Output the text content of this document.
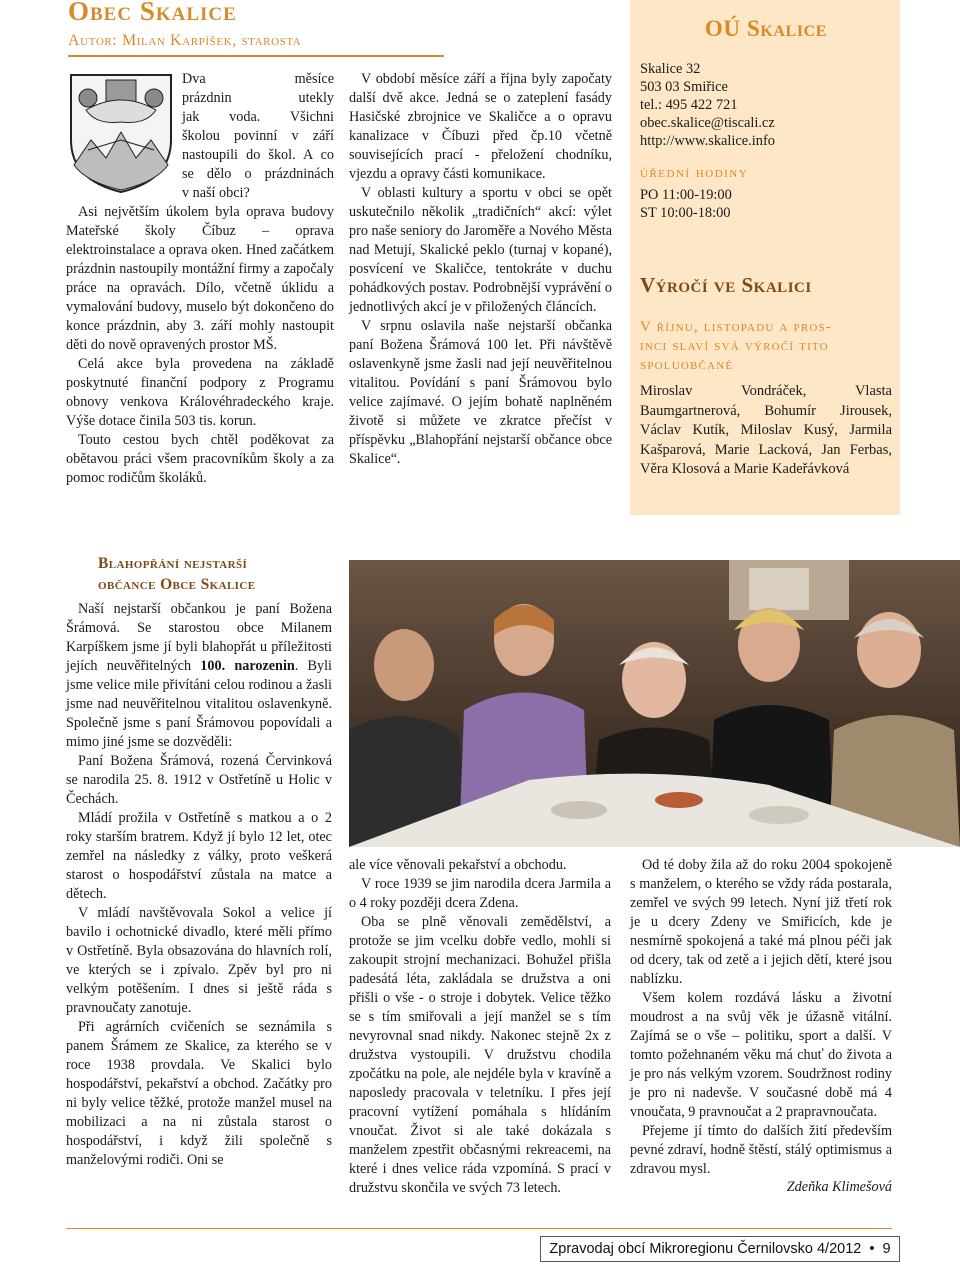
Obec Skalice
Autor: Milan Karpíšek, starosta
Dva měsíce
prázdnin utekly
jak voda. Všichni
školou povinní v září
nastoupili do škol. A co
se dělo o prázdninách
v naší obci?

Asi největším úkolem byla oprava budovy Mateřské školy Číbuz – oprava elektroinstalace a oprava oken. Hned začátkem prázdnin nastoupily montážní firmy a započaly práce na opravách. Dílo, včetně úklidu a vymalování budovy, muselo být dokončeno do konce prázdnin, aby 3. září mohly nastoupit děti do nově opravených prostor MŠ.

Celá akce byla provedena na základě poskytnuté finanční podpory z Programu obnovy venkova Královéhradeckého kraje. Výše dotace činila 503 tis. korun.

Touto cestou bych chtěl poděkovat za obětavou práci všem pracovníkům školy a za pomoc rodičům školáků.

V období měsíce září a října byly započaty další dvě akce. Jedná se o zateplení fasády Hasičské zbrojnice ve Skaličce a o opravu kanalizace v Číbuzi před čp.10 včetně souvisejících prací - přeložení chodníku, vjezdu a opravy části komunikace.

V oblasti kultury a sportu v obci se opět uskutečnilo několik „tradičních“ akcí: výlet pro naše seniory do Jaroměře a Nového Města nad Metují, Skalické peklo (turnaj v kopané), posvícení ve Skaličce, tentokráte v duchu pohádkových postav. Podrobnější vyprávění o jednotlivých akcí je v přiložených článcích.

V srpnu oslavila naše nejstarší občanka paní Božena Šrámová 100 let. Při návštěvě oslavenkyně jsme žasli nad její neuvěřitelnou vitalitou. Povídání s paní Šrámovou bylo velice zajímavé. O jejím bohatě naplněném životě si můžete ve zkratce přečíst v příspěvku „Blahopřání nejstarší občance obce Skalice“.

OÚ Skalice
Skalice 32
503 03 Smiřice
tel.: 495 422 721
obec.skalice@tiscali.cz
http://www.skalice.info
úřední hodiny
PO 11:00-19:00
ST 10:00-18:00
Výročí ve Skalici
V říjnu, listopadu a pros-
inci slaví svá výročí tito
spoluobčané
Miroslav Vondráček, Vlasta Baumgartnerová, Bohumír Jirousek, Václav Kutík, Miloslav Kusý, Jarmila Kašparová, Marie Lacková, Jan Ferbas, Věra Klosová a Marie Kadeřávková
Blahopřání nejstarší
občance Obce Skalice

Naší nejstarší občankou je paní Božena Šrámová. Se starostou obce Milanem Karpíškem jsme jí byli blahopřát u příležitosti jejích neuvěřitelných 100. narozenin. Byli jsme velice mile přivítáni celou rodinou a žasli jsme nad neuvěřitelnou vitalitou oslavenkyně. Společně jsme s paní Šrámovou popovídali a mimo jiné jsme se dozvěděli:

Paní Božena Šrámová, rozená Červinková se narodila 25. 8. 1912 v Ostřetíně u Holic v Čechách.

Mládí prožila v Ostřetíně s matkou a o 2 roky starším bratrem. Když jí bylo 12 let, otec zemřel na následky z války, proto veškerá starost o hospodářství zůstala na matce a dětech.

V mládí navštěvovala Sokol a velice jí bavilo i ochotnické divadlo, které měli přímo v Ostřetíně. Byla obsazována do hlavních rolí, ve kterých se i zpívalo. Zpěv byl pro ni velkým potěšením. I dnes si ještě ráda s pravnoučaty zanotuje.

Při agrárních cvičeních se seznámila s panem Šrámem ze Skalice, za kterého se v roce 1938 provdala. Ve Skalici bylo hospodářství, pekařství a obchod. Začátky pro ni byly velice těžké, protože manžel musel na mobilizaci a na ni zůstala starost o hospodářství, i když žili společně s manželovými rodiči. Oni se

ale více věnovali pekařství a obchodu.

V roce 1939 se jim narodila dcera Jarmila a o 4 roky později dcera Zdena.

Oba se plně věnovali zemědělství, a protože se jim vcelku dobře vedlo, mohli si zakoupit strojní mechanizaci. Bohužel přišla padesátá léta, zakládala se družstva a oni přišli o vše - o stroje i dobytek. Velice těžko se s tím smiřovali a její manžel se s tím nevyrovnal snad nikdy. Nakonec stejně 2x z družstva vystoupili. V družstvu chodila zpočátku na pole, ale nejdéle byla v kravíně a naposledy pracovala v teletníku. I přes její pracovní vytížení pomáhala s hlídáním vnoučat. Život si ale také dokázala s manželem zpestřit občasnými rekreacemi, na které i dnes velice ráda vzpomíná. S prací v družstvu skončila ve svých 73 letech.

Od té doby žila až do roku 2004 spokojeně s manželem, o kterého se vždy ráda postarala, zemřel ve svých 99 letech. Nyní již třetí rok je u dcery Zdeny ve Smiřicích, kde je nesmírně spokojená a také má plnou péči jak od dcery, tak od zetě a i jejich dětí, které jsou nablízku.

Všem kolem rozdává lásku a životní moudrost a na svůj věk je úžasně vitální. Zajímá se o vše – politiku, sport a další. V tomto požehnaném věku má chuť do života a je pro nás velkým vzorem. Soudržnost rodiny je pro ni nadevše. V současné době má 4 vnoučata, 9 pravnoučat a 2 prapravnoučata.

Přejeme jí tímto do dalších žití především pevné zdraví, hodně štěstí, stálý optimismus a zdravou mysl.

Zdeňka Klimešová

Zpravodaj obcí Mikroregionu Černilovsko 4/2012 • 9
